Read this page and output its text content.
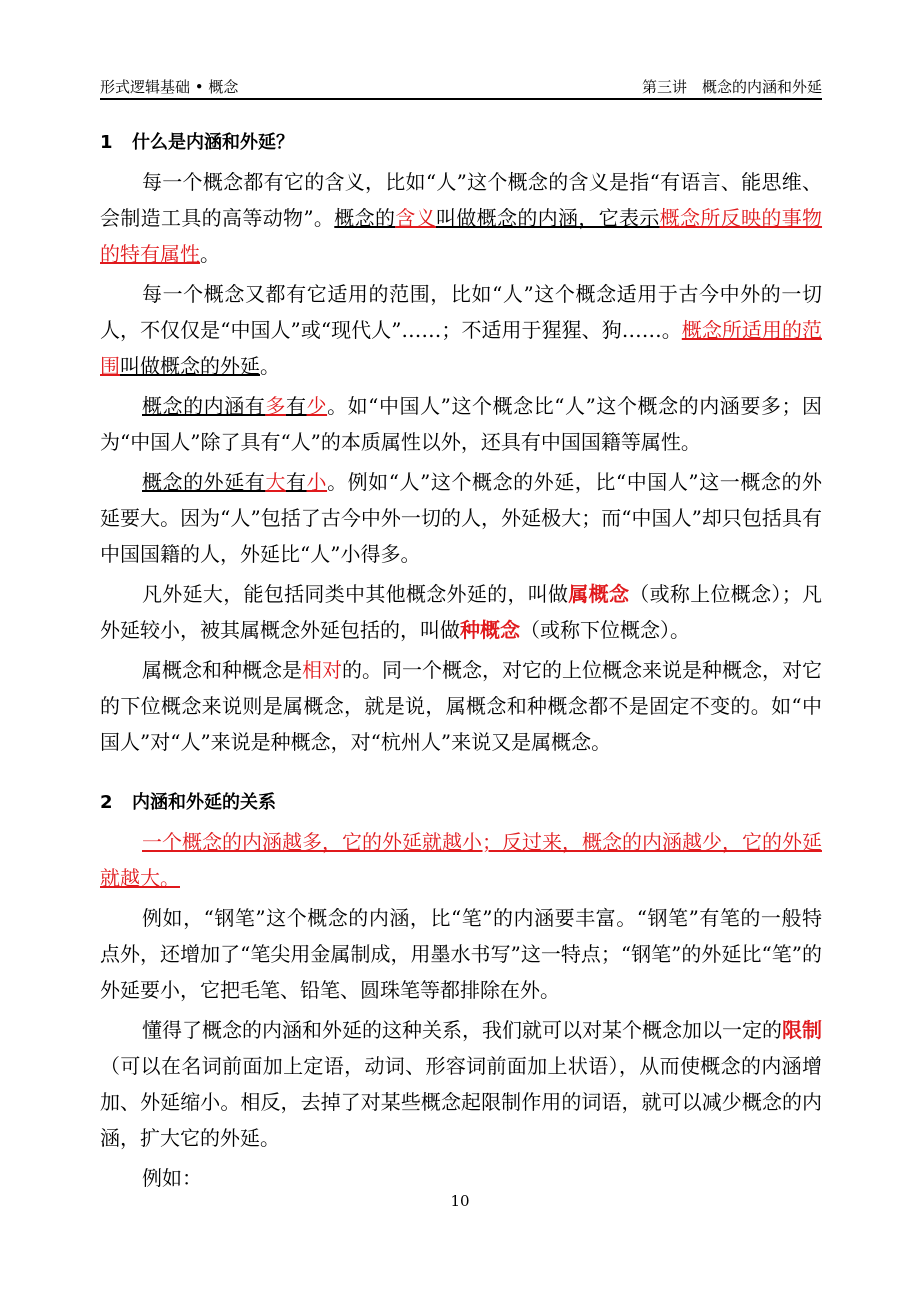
形式逻辑基础 • 概念	第三讲　概念的内涵和外延
1 什么是内涵和外延？

每一个概念都有它的含义，比如“人”这个概念的含义是指“有语言、能思维、会制造工具的高等动物”。概念的含义叫做概念的内涵，它表示概念所反映的事物的特有属性。

每一个概念又都有它适用的范围，比如“人”这个概念适用于古今中外的一切人，不仅仅是“中国人”或“现代人”……；不适用于猩猩、狗……。概念所适用的范围叫做概念的外延。

概念的内涵有多有少。如“中国人”这个概念比“人”这个概念的内涵要多；因为“中国人”除了具有“人”的本质属性以外，还具有中国国籍等属性。

概念的外延有大有小。例如“人”这个概念的外延，比“中国人”这一概念的外延要大。因为“人”包括了古今中外一切的人，外延极大；而“中国人”却只包括具有中国国籍的人，外延比“人”小得多。

凡外延大，能包括同类中其他概念外延的，叫做属概念（或称上位概念）；凡外延较小，被其属概念外延包括的，叫做种概念（或称下位概念）。

属概念和种概念是相对的。同一个概念，对它的上位概念来说是种概念，对它的下位概念来说则是属概念，就是说，属概念和种概念都不是固定不变的。如“中国人”对“人”来说是种概念，对“杭州人”来说又是属概念。

2 内涵和外延的关系

一个概念的内涵越多，它的外延就越小；反过来，概念的内涵越少，它的外延就越大。

例如，“钢笔”这个概念的内涵，比“笔”的内涵要丰富。“钢笔”有笔的一般特点外，还增加了“笔尖用金属制成，用墨水书写”这一特点；“钢笔”的外延比“笔”的外延要小，它把毛笔、铅笔、圆珠笔等都排除在外。

懂得了概念的内涵和外延的这种关系，我们就可以对某个概念加以一定的限制（可以在名词前面加上定语，动词、形容词前面加上状语），从而使概念的内涵增加、外延缩小。相反，去掉了对某些概念起限制作用的词语，就可以减少概念的内涵，扩大它的外延。

例如：

10
